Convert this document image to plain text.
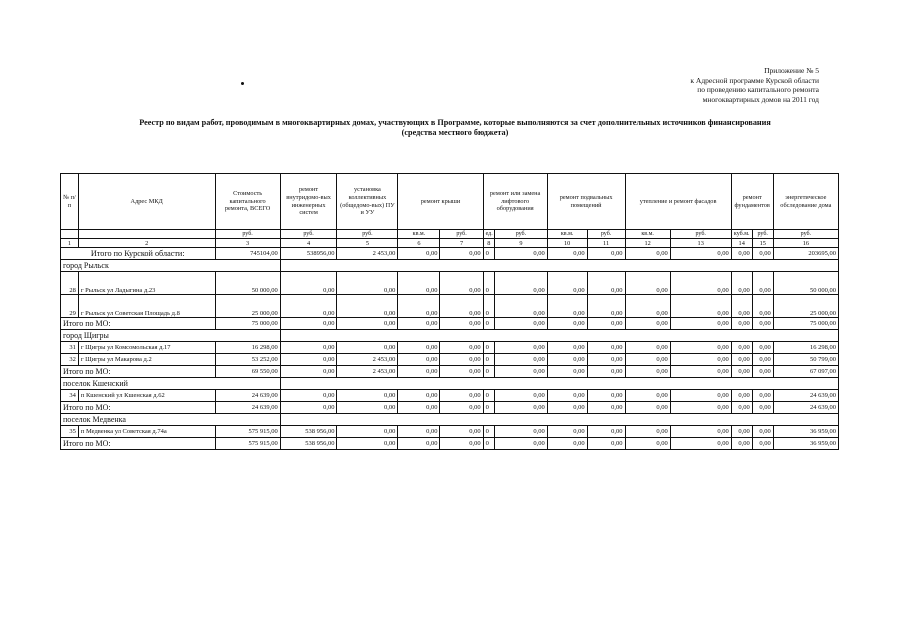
Приложение № 5
к Адресной программе Курской области
по проведению капитального ремонта
многоквартирных домов на 2011 год
Реестр по видам работ, проводимым в многоквартирных домах, участвующих в Программе, которые выполняются за счет дополнительных источников финансирования
(средства местного бюджета)
№ п/п	Адрес МКД	Стоимость капитального ремонта, ВСЕГО	ремонт внутридомо-вых инженерных систем	установка коллективных (общедомо-вых) ПУ и УУ	ремонт крыши		ремонт или замена лифтового оборудования		ремонт подвальных помещений		утепление и ремонт фасадов		ремонт фундаментов		энергетическое обследование дома
		руб.	руб.	руб.	кв.м.	руб.	ед.	руб.	кв.м.	руб.	кв.м.	руб.	куб.м.	руб.	руб.
1	2	3	4	5	6	7	8	9	10	11	12	13	14	15	16
Итого по Курской области:		745104,00	538956,00	2 453,00	0,00	0,00	0	0,00	0,00	0,00	0,00	0,00	0,00	0,00	203695,00
город Рыльск															
28	г Рыльск ул Ладыгина д.23	50 000,00	0,00	0,00	0,00	0,00	0	0,00	0,00	0,00	0,00	0,00	0,00	0,00	50 000,00
29	г Рыльск ул Советская Площадь д.8	25 000,00	0,00	0,00	0,00	0,00	0	0,00	0,00	0,00	0,00	0,00	0,00	0,00	25 000,00
Итого по МО:		75 000,00	0,00	0,00	0,00	0,00	0	0,00	0,00	0,00	0,00	0,00	0,00	0,00	75 000,00
город Щигры															
31	г Щигры ул Комсомольская д.17	16 298,00	0,00	0,00	0,00	0,00	0	0,00	0,00	0,00	0,00	0,00	0,00	0,00	16 298,00
32	г Щигры ул Макарова д.2	53 252,00	0,00	2 453,00	0,00	0,00	0	0,00	0,00	0,00	0,00	0,00	0,00	0,00	50 799,00
Итого по МО:		69 550,00	0,00	2 453,00	0,00	0,00	0	0,00	0,00	0,00	0,00	0,00	0,00	0,00	67 097,00
поселок Кшенский															
34	п Кшенский ул Кшенская д.62	24 639,00	0,00	0,00	0,00	0,00	0	0,00	0,00	0,00	0,00	0,00	0,00	0,00	24 639,00
Итого по МО:		24 639,00	0,00	0,00	0,00	0,00	0	0,00	0,00	0,00	0,00	0,00	0,00	0,00	24 639,00
поселок Медвенка															
35	п Медвенка ул Советская д.74а	575 915,00	538 956,00	0,00	0,00	0,00	0	0,00	0,00	0,00	0,00	0,00	0,00	0,00	36 959,00
Итого по МО:		575 915,00	538 956,00	0,00	0,00	0,00	0	0,00	0,00	0,00	0,00	0,00	0,00	0,00	36 959,00
